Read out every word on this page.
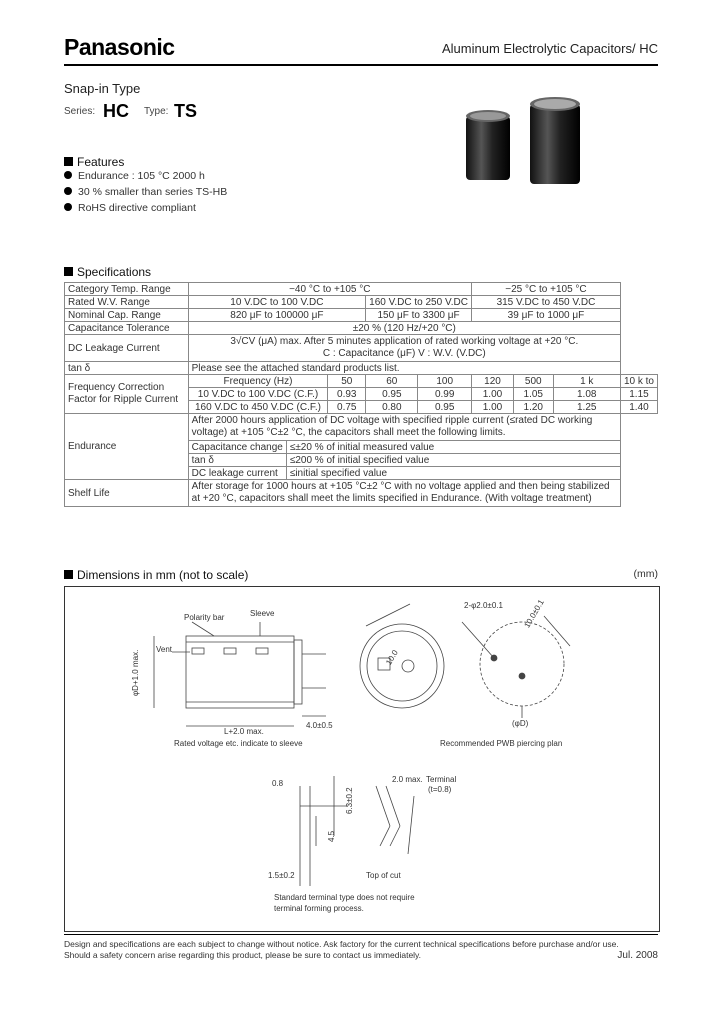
Panasonic	Aluminum Electrolytic Capacitors/ HC
Snap-in Type
Series: HC Type: TS
Features
Endurance : 105 °C 2000 h
30 % smaller than series TS-HB
RoHS directive compliant
Specifications
Category Temp. Range	−40 °C to +105 °C					−25 °C to +105 °C			
Rated W.V. Range	10 V.DC to 100 V.DC			160 V.DC to 250 V.DC		315 V.DC to 450 V.DC			
Nominal Cap. Range	820 μF to 100000 μF			150 μF to 3300 μF		39 μF to 1000 μF			
Capacitance Tolerance	±20 % (120 Hz/+20 °C)								
DC Leakage Current	3√CV (μA) max. After 5 minutes application of rated working voltage at +20 °C.
C : Capacitance (μF) V : W.V. (V.DC)								

tan δ	Please see the attached standard products list.								

Frequency Correction
Factor for Ripple Current	Frequency (Hz)		50	60	100	120	500	1 k	10 k to
	10 V.DC to 100 V.DC (C.F.)		0.93	0.95	0.99	1.00	1.05	1.08	1.15
	160 V.DC to 450 V.DC (C.F.)		0.75	0.80	0.95	1.00	1.20	1.25	1.40
Endurance	After 2000 hours application of DC voltage with specified ripple current (≤rated DC working voltage) at +105 °C±2 °C, the capacitors shall meet the following limits.								
	Capacitance change	≤±20 % of initial measured value							
	tan δ	≤200 % of initial specified value							
	DC leakage current	≤initial specified value							
Shelf Life	After storage for 1000 hours at +105 °C±2 °C with no voltage applied and then being stabilized at +20 °C, capacitors shall meet the limits specified in Endurance. (With voltage treatment)								
Dimensions in mm (not to scale)	(mm)
Polarity bar	Sleeve
Vent
φD+1.0 max.
L+2.0 max.
4.0±0.5
10.0
Rated voltage etc. indicate to sleeve
2-φ2.0±0.1 10.0±0.1
(φD)
Recommended PWB piercing plan
0.8
6.3±0.2
2.0 max. Terminal
(t=0.8)
4.5
1.5±0.2	Top of cut
Standard terminal type does not require
terminal forming process.
Design and specifications are each subject to change without notice. Ask factory for the current technical specifications before purchase and/or use.
Should a safety concern arise regarding this product, please be sure to contact us immediately.	Jul. 2008
